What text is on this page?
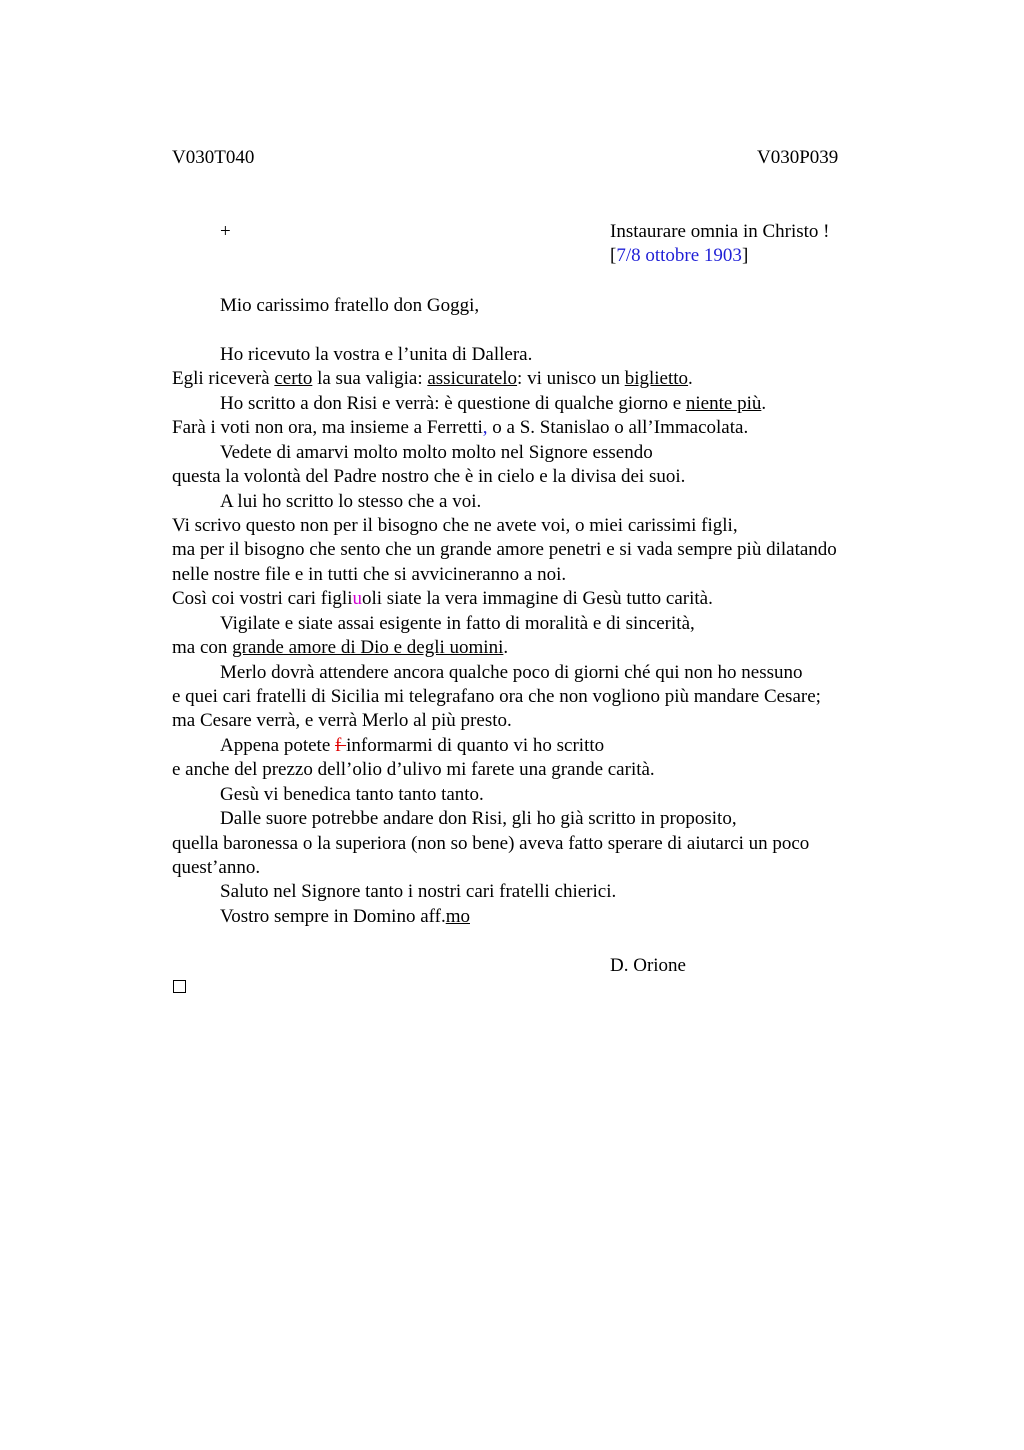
V030T040	V030P039
+	Instaurare omnia in Christo !
[7/8 ottobre 1903]
Mio carissimo fratello don Goggi,
Ho ricevuto la vostra e l’unita di Dallera.
Egli riceverà certo la sua valigia: assicuratelo: vi unisco un biglietto.
Ho scritto a don Risi e verrà: è questione di qualche giorno e niente più.
Farà i voti non ora, ma insieme a Ferretti, o a S. Stanislao o all’Immacolata.
Vedete di amarvi molto molto molto nel Signore essendo
questa la volontà del Padre nostro che è in cielo e la divisa dei suoi.
A lui ho scritto lo stesso che a voi.
Vi scrivo questo non per il bisogno che ne avete voi, o miei carissimi figli,
ma per il bisogno che sento che un grande amore penetri e si vada sempre più dilatando
nelle nostre file e in tutti che si avvicineranno a noi.
Così coi vostri cari figliuoli siate la vera immagine di Gesù tutto carità.
Vigilate e siate assai esigente in fatto di moralità e di sincerità,
ma con grande amore di Dio e degli uomini.
Merlo dovrà attendere ancora qualche poco di giorni ché qui non ho nessuno
e quei cari fratelli di Sicilia mi telegrafano ora che non vogliono più mandare Cesare;
ma Cesare verrà, e verrà Merlo al più presto.
Appena potete f informarmi di quanto vi ho scritto
e anche del prezzo dell’olio d’ulivo mi farete una grande carità.
Gesù vi benedica tanto tanto tanto.
Dalle suore potrebbe andare don Risi, gli ho già scritto in proposito,
quella baronessa o la superiora (non so bene) aveva fatto sperare di aiutarci un poco
quest’anno.
Saluto nel Signore tanto i nostri cari fratelli chierici.
Vostro sempre in Domino aff.mo
D. Orione
